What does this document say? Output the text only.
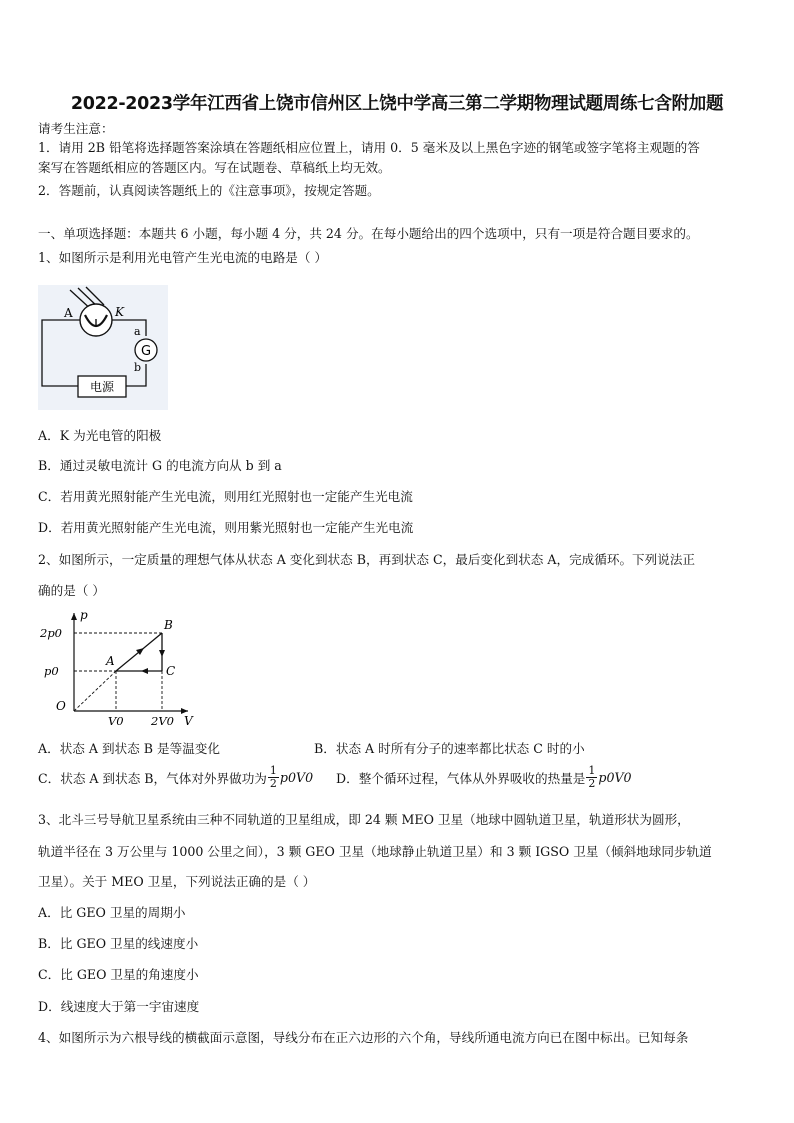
2022-2023学年江西省上饶市信州区上饶中学高三第二学期物理试题周练七含附加题
请考生注意：
1．请用 2B 铅笔将选择题答案涂填在答题纸相应位置上，请用 0．5 毫米及以上黑色字迹的钢笔或签字笔将主观题的答
案写在答题纸相应的答题区内。写在试题卷、草稿纸上均无效。
2．答题前，认真阅读答题纸上的《注意事项》，按规定答题。
一、单项选择题：本题共 6 小题，每小题 4 分，共 24 分。在每小题给出的四个选项中，只有一项是符合题目要求的。
1、如图所示是利用光电管产生光电流的电路是（ ）
G
电源
A	K
a
b
A．K 为光电管的阳极
B．通过灵敏电流计 G 的电流方向从 b 到 a
C．若用黄光照射能产生光电流，则用红光照射也一定能产生光电流
D．若用黄光照射能产生光电流，则用紫光照射也一定能产生光电流
2、如图所示，一定质量的理想气体从状态 A 变化到状态 B，再到状态 C，最后变化到状态 A，完成循环。下列说法正
确的是（ ）
p
V
O
2p0
p0
V0 2V0
A
B
C
A．状态 A 到状态 B 是等温变化	B．状态 A 时所有分子的速率都比状态 C 时的小
C．状态 A 到状态 B，气体对外界做功为 $\frac{1}{2} p0V0$ D．整个循环过程，气体从外界吸收的热量是 $\frac{1}{2} p0V0$
3、北斗三号导航卫星系统由三种不同轨道的卫星组成，即 24 颗 MEO 卫星（地球中圆轨道卫星，轨道形状为圆形，
轨道半径在 3 万公里与 1000 公里之间），3 颗 GEO 卫星（地球静止轨道卫星）和 3 颗 IGSO 卫星（倾斜地球同步轨道
卫星）。关于 MEO 卫星，下列说法正确的是（ ）
A．比 GEO 卫星的周期小
B．比 GEO 卫星的线速度小
C．比 GEO 卫星的角速度小
D．线速度大于第一宇宙速度
4、如图所示为六根导线的横截面示意图，导线分布在正六边形的六个角，导线所通电流方向已在图中标出。已知每条
